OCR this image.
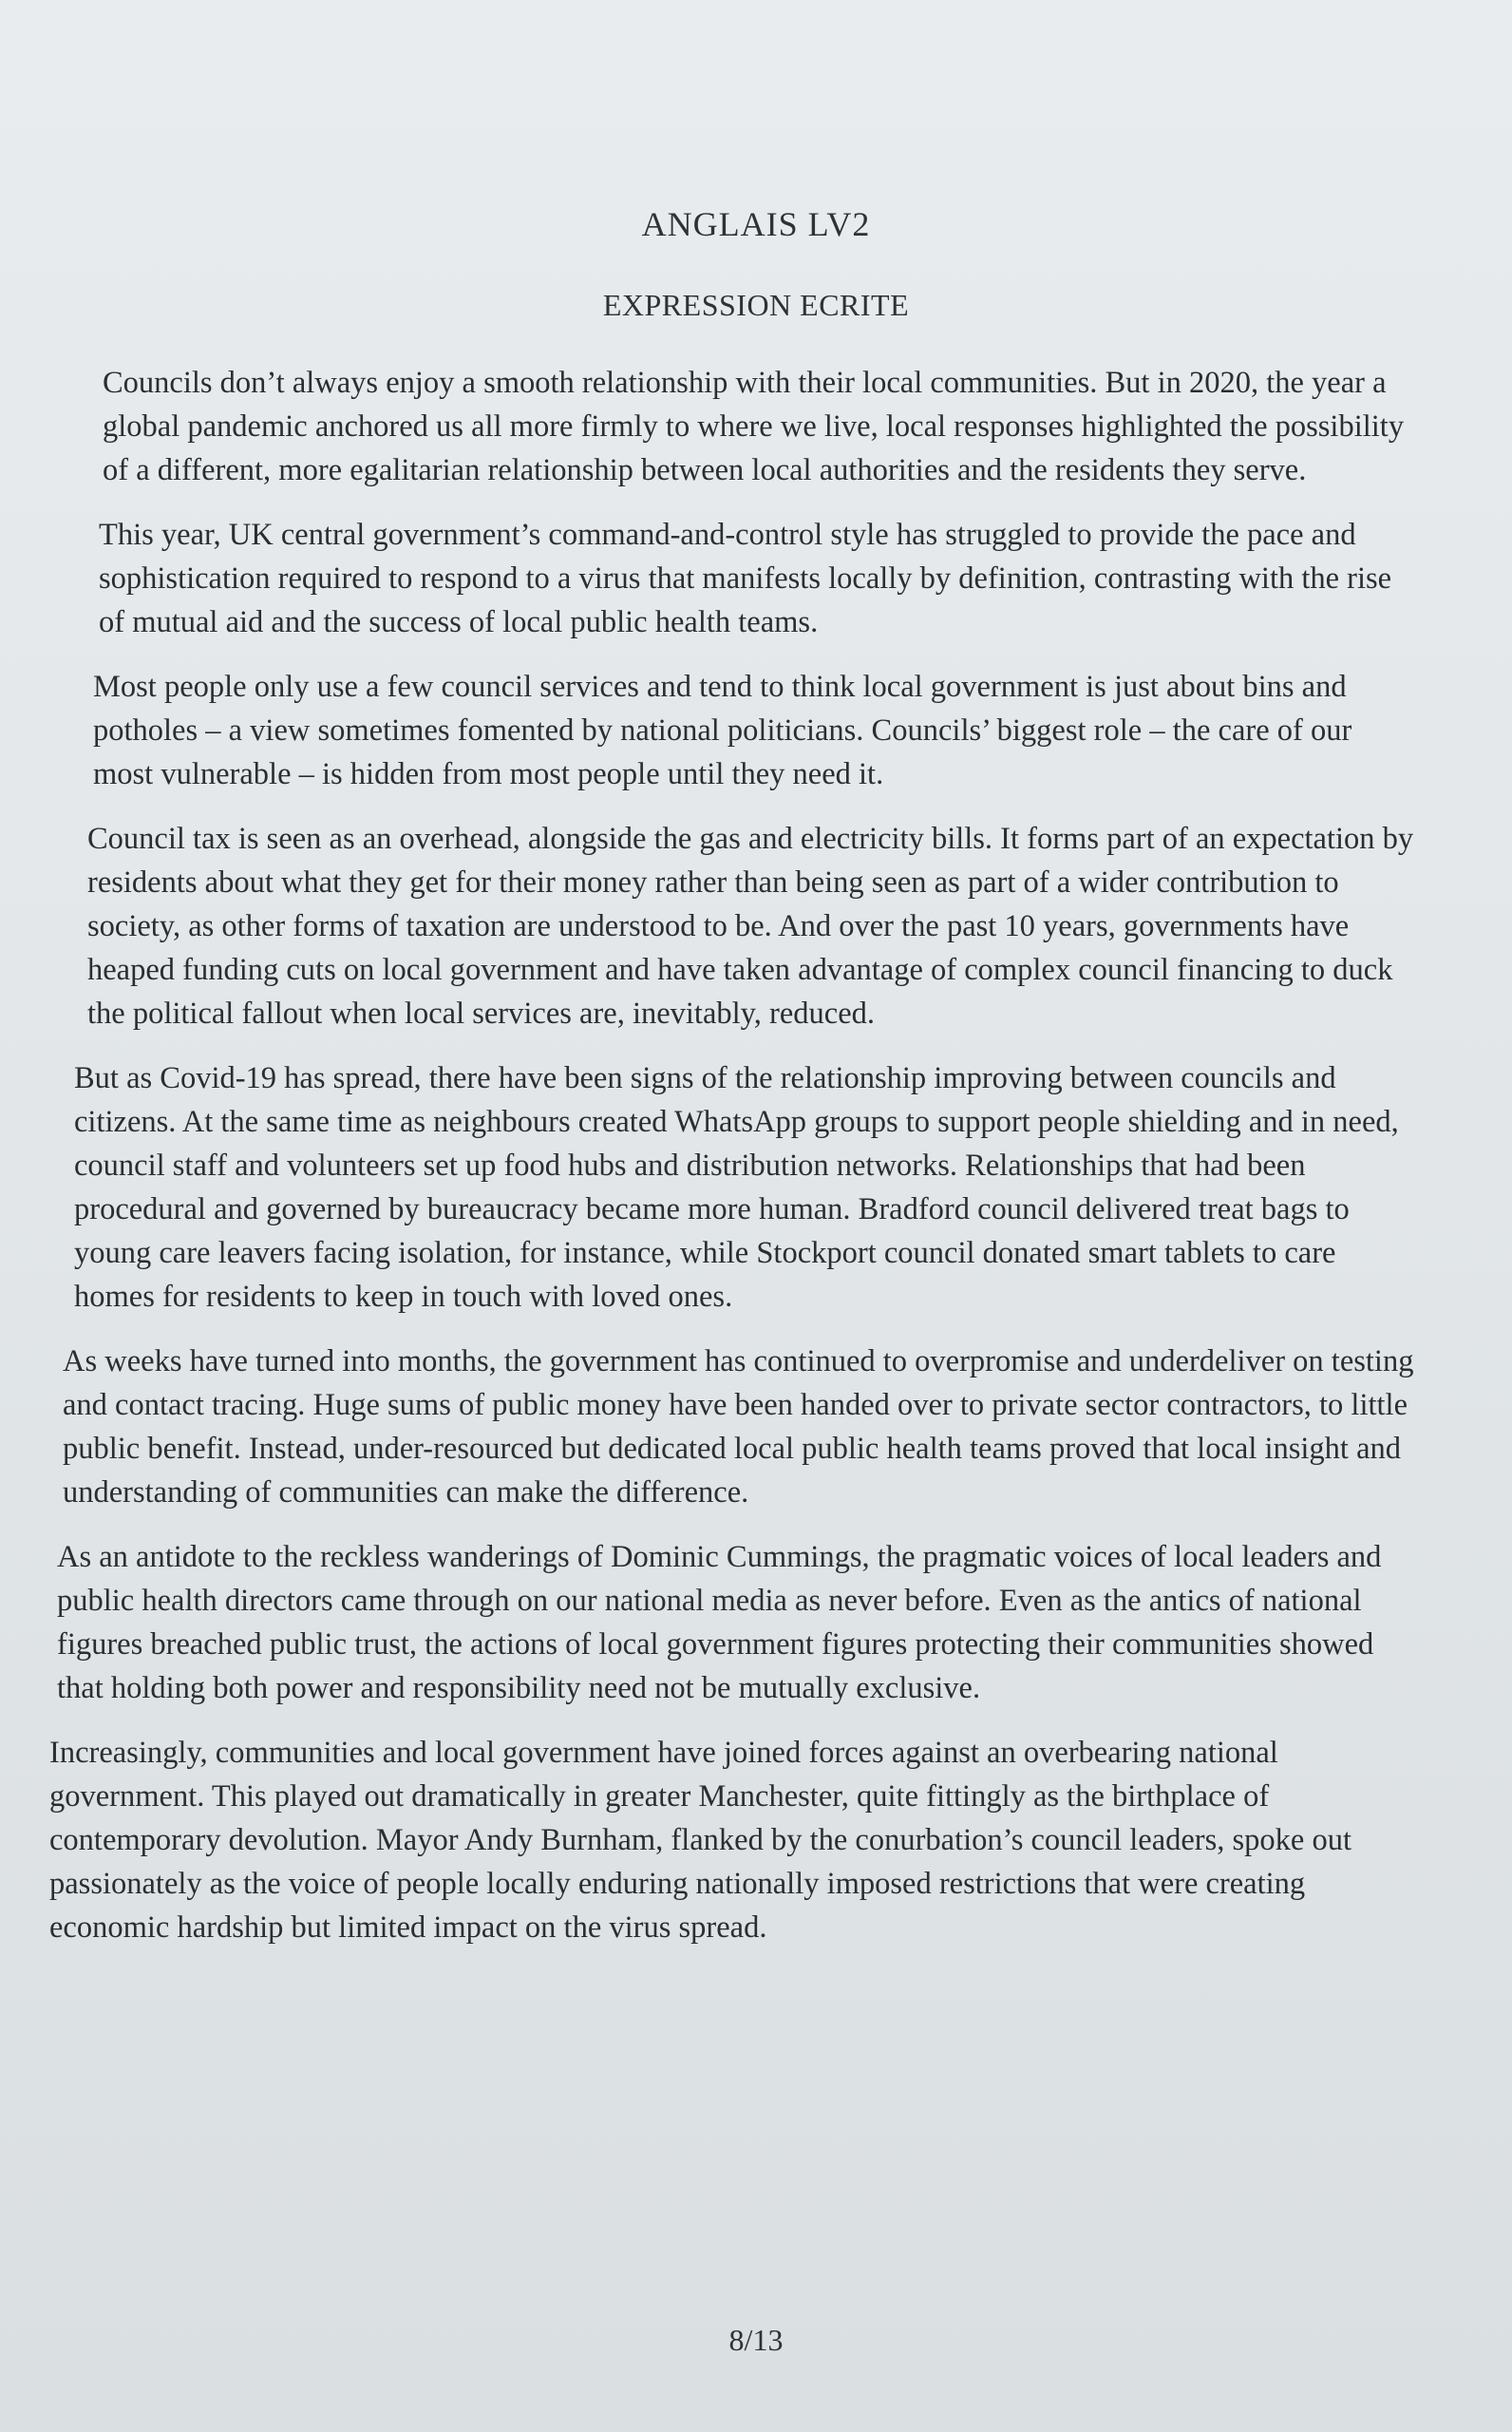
ANGLAIS LV2
EXPRESSION ECRITE

Councils don’t always enjoy a smooth relationship with their local communities. But in 2020, the year a global pandemic anchored us all more firmly to where we live, local responses highlighted the possibility of a different, more egalitarian relationship between local authorities and the residents they serve.

This year, UK central government’s command-and-control style has struggled to provide the pace and sophistication required to respond to a virus that manifests locally by definition, contrasting with the rise of mutual aid and the success of local public health teams.

Most people only use a few council services and tend to think local government is just about bins and potholes – a view sometimes fomented by national politicians. Councils’ biggest role – the care of our most vulnerable – is hidden from most people until they need it.

Council tax is seen as an overhead, alongside the gas and electricity bills. It forms part of an expectation by residents about what they get for their money rather than being seen as part of a wider contribution to society, as other forms of taxation are understood to be. And over the past 10 years, governments have heaped funding cuts on local government and have taken advantage of complex council financing to duck the political fallout when local services are, inevitably, reduced.

But as Covid-19 has spread, there have been signs of the relationship improving between councils and citizens. At the same time as neighbours created WhatsApp groups to support people shielding and in need, council staff and volunteers set up food hubs and distribution networks. Relationships that had been procedural and governed by bureaucracy became more human. Bradford council delivered treat bags to young care leavers facing isolation, for instance, while Stockport council donated smart tablets to care homes for residents to keep in touch with loved ones.

As weeks have turned into months, the government has continued to overpromise and underdeliver on testing and contact tracing. Huge sums of public money have been handed over to private sector contractors, to little public benefit. Instead, under-resourced but dedicated local public health teams proved that local insight and understanding of communities can make the difference.

As an antidote to the reckless wanderings of Dominic Cummings, the pragmatic voices of local leaders and public health directors came through on our national media as never before. Even as the antics of national figures breached public trust, the actions of local government figures protecting their communities showed that holding both power and responsibility need not be mutually exclusive.

Increasingly, communities and local government have joined forces against an overbearing national government. This played out dramatically in greater Manchester, quite fittingly as the birthplace of contemporary devolution. Mayor Andy Burnham, flanked by the conurbation’s council leaders, spoke out passionately as the voice of people locally enduring nationally imposed restrictions that were creating economic hardship but limited impact on the virus spread.

8/13
